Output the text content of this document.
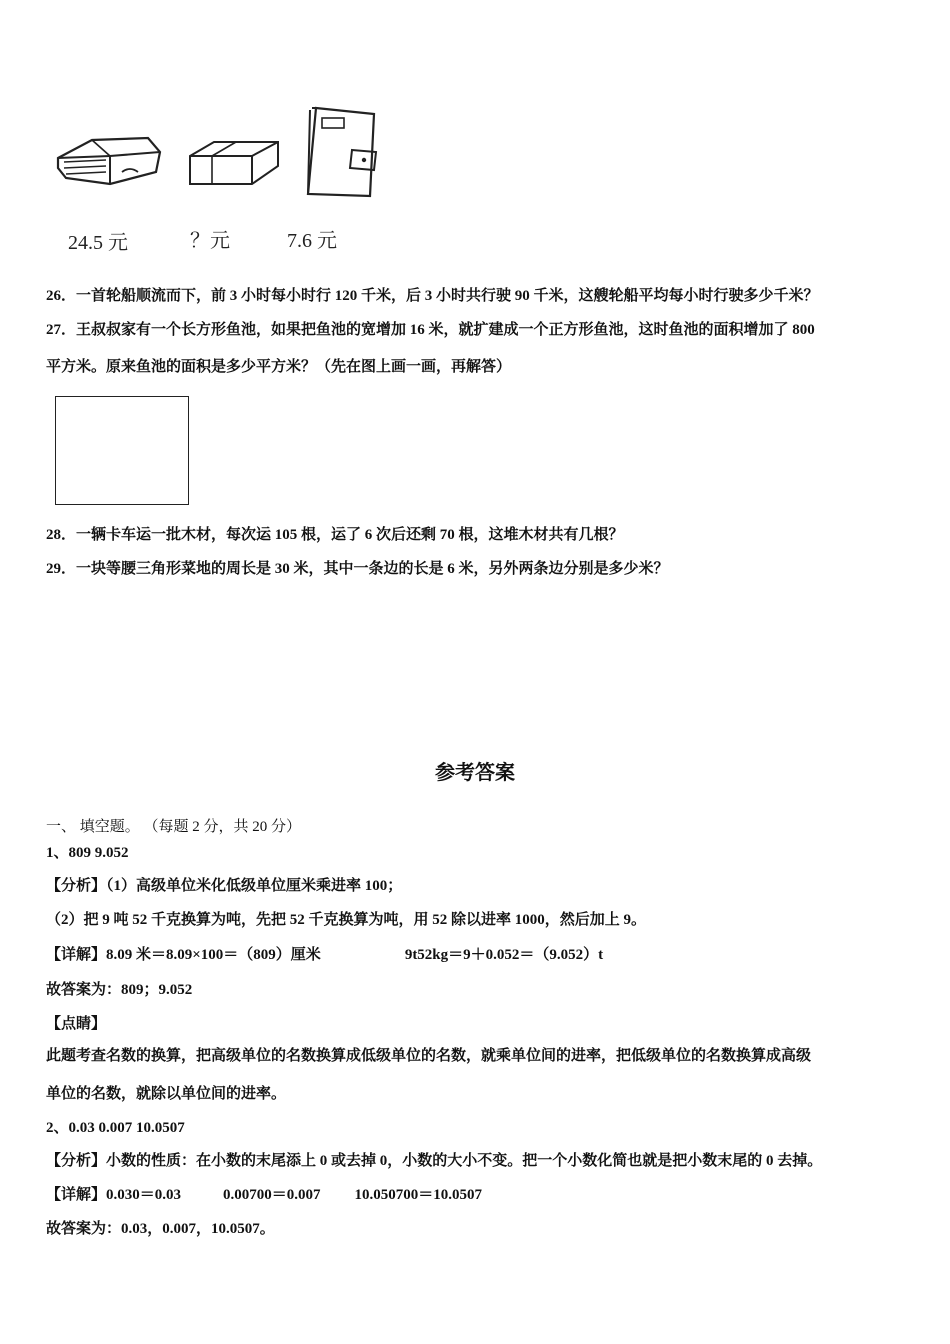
24.5 元	？元	7.6 元
26．一首轮船顺流而下，前 3 小时每小时行 120 千米，后 3 小时共行驶 90 千米，这艘轮船平均每小时行驶多少千米？
27．王叔叔家有一个长方形鱼池，如果把鱼池的宽增加 16 米，就扩建成一个正方形鱼池，这时鱼池的面积增加了 800
平方米。原来鱼池的面积是多少平方米？（先在图上画一画，再解答）
28．一辆卡车运一批木材，每次运 105 根，运了 6 次后还剩 70 根，这堆木材共有几根？
29．一块等腰三角形菜地的周长是 30 米，其中一条边的长是 6 米，另外两条边分别是多少米？
参考答案
一、 填空题。 （每题 2 分，共 20 分）
1、809 9.052
【分析】（1）高级单位米化低级单位厘米乘进率 100；
（2）把 9 吨 52 千克换算为吨，先把 52 千克换算为吨，用 52 除以进率 1000，然后加上 9。
【详解】8.09 米＝8.09×100＝（809）厘米	9t52kg＝9＋0.052＝（9.052）t
故答案为：809；9.052
【点睛】
此题考查名数的换算，把高级单位的名数换算成低级单位的名数，就乘单位间的进率，把低级单位的名数换算成高级
单位的名数，就除以单位间的进率。
2、0.03 0.007 10.0507
【分析】小数的性质：在小数的末尾添上 0 或去掉 0，小数的大小不变。把一个小数化简也就是把小数末尾的 0 去掉。
【详解】0.030＝0.03	0.00700＝0.007 10.050700＝10.0507
故答案为：0.03，0.007，10.0507。
